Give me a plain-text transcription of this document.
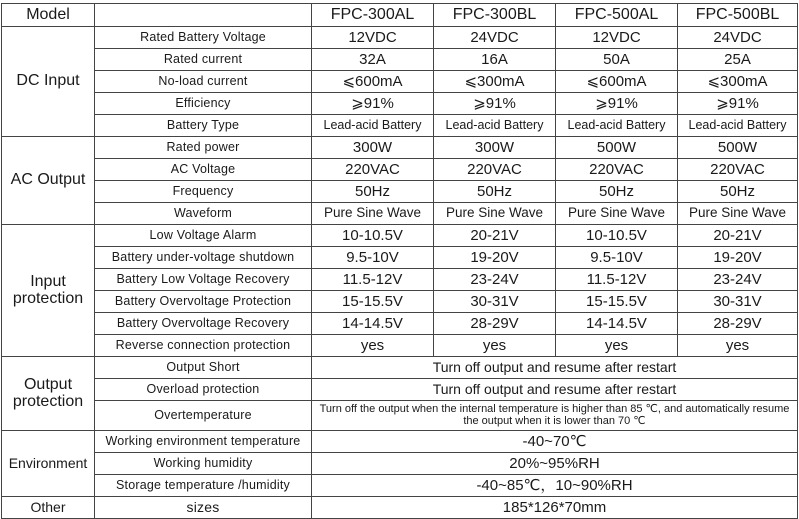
Model		FPC-300AL	FPC-300BL	FPC-500AL	FPC-500BL
DC Input	Rated Battery Voltage	12VDC	24VDC	12VDC	24VDC
	Rated current	32A	16A	50A	25A
	No-load current	⩽600mA	⩽300mA	⩽600mA	⩽300mA
	Efficiency	⩾91%	⩾91%	⩾91%	⩾91%
	Battery Type	Lead-acid Battery	Lead-acid Battery	Lead-acid Battery	Lead-acid Battery
AC Output	Rated power	300W	300W	500W	500W
	AC Voltage	220VAC	220VAC	220VAC	220VAC
	Frequency	50Hz	50Hz	50Hz	50Hz
	Waveform	Pure Sine Wave	Pure Sine Wave	Pure Sine Wave	Pure Sine Wave
Input protection	Low Voltage Alarm	10-10.5V	20-21V	10-10.5V	20-21V
	Battery under-voltage shutdown	9.5-10V	19-20V	9.5-10V	19-20V
	Battery Low Voltage Recovery	11.5-12V	23-24V	11.5-12V	23-24V
	Battery Overvoltage Protection	15-15.5V	30-31V	15-15.5V	30-31V
	Battery Overvoltage Recovery	14-14.5V	28-29V	14-14.5V	28-29V
	Reverse connection protection	yes	yes	yes	yes
Output protection	Output Short	Turn off output and resume after restart			
	Overload protection	Turn off output and resume after restart			
	Overtemperature	Turn off the output when the internal temperature is higher than 85 ℃, and automatically resume the output when it is lower than 70 ℃			
Environment	Working environment temperature	-40~70℃			
	Working humidity	20%~95%RH			
	Storage temperature /humidity	-40~85℃，10~90%RH			
Other	sizes	185*126*70mm			
